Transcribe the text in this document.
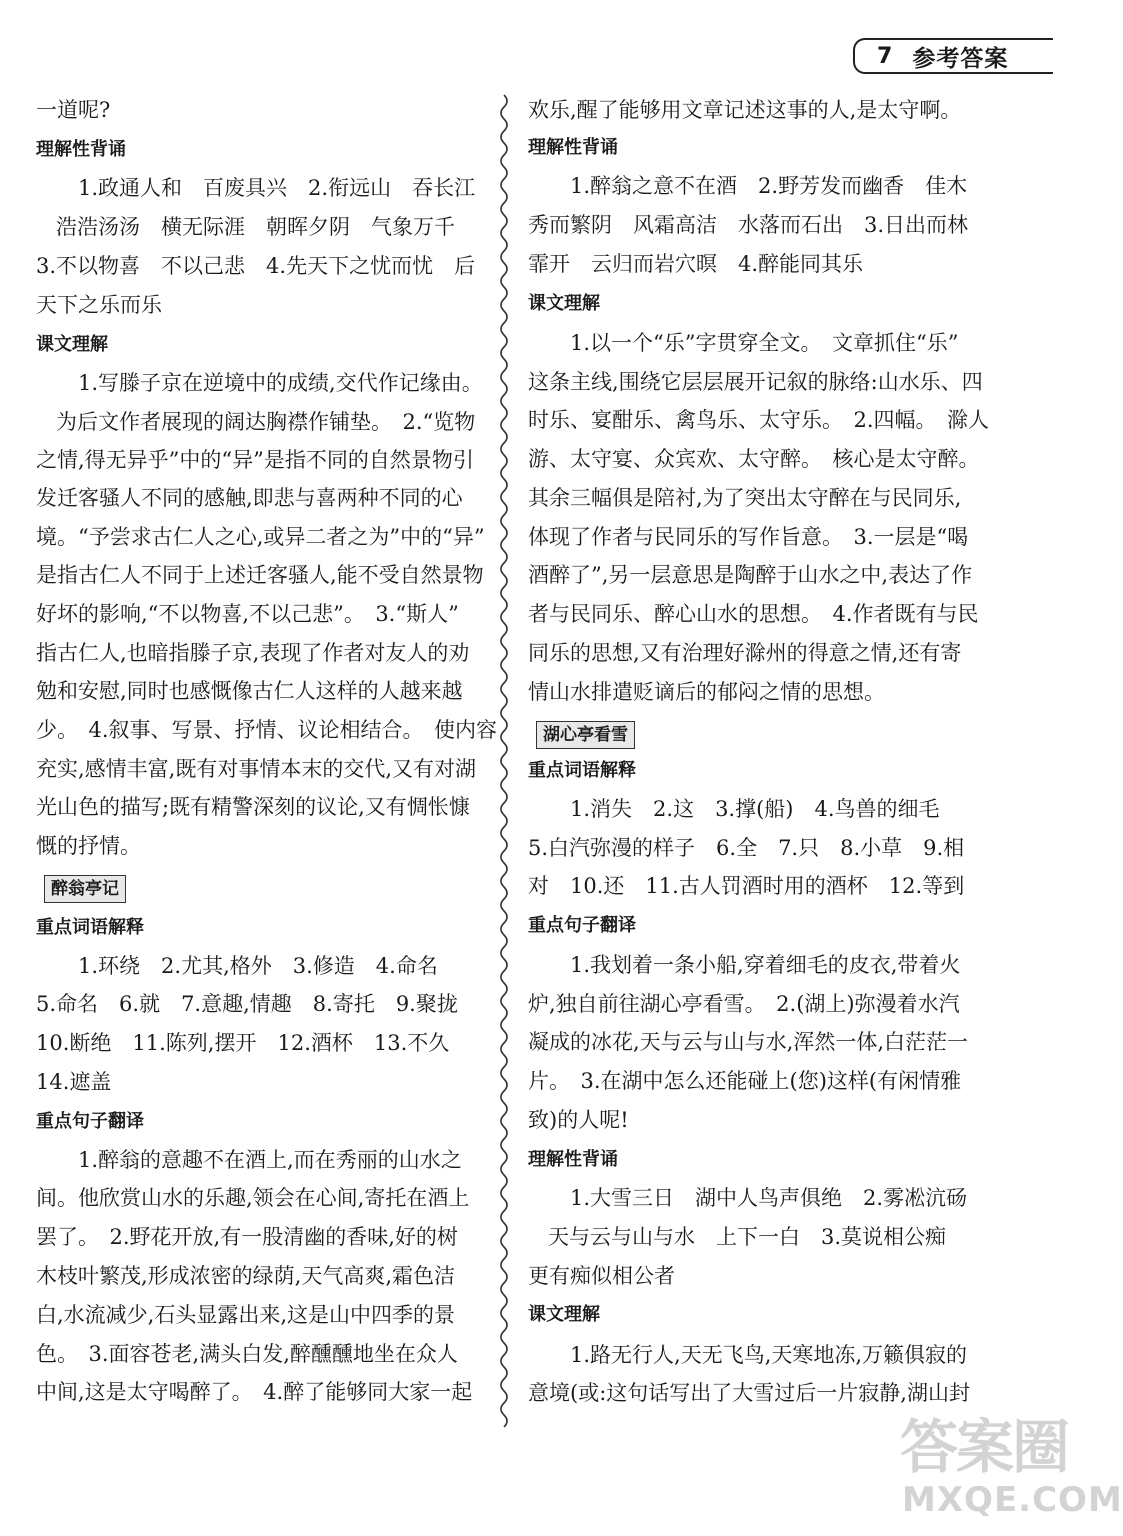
7 参考答案
一道呢?
理解性背诵
1.政通人和　百废具兴　2.衔远山　吞长江
浩浩汤汤　横无际涯　朝晖夕阴　气象万千
3.不以物喜　不以己悲　4.先天下之忧而忧　后
天下之乐而乐
课文理解
1.写滕子京在逆境中的成绩,交代作记缘由。
为后文作者展现的阔达胸襟作铺垫。　2.“览物
之情,得无异乎”中的“异”是指不同的自然景物引
发迁客骚人不同的感触,即悲与喜两种不同的心
境。“予尝求古仁人之心,或异二者之为”中的“异”
是指古仁人不同于上述迁客骚人,能不受自然景物
好坏的影响,“不以物喜,不以己悲”。　3.“斯人”
指古仁人,也暗指滕子京,表现了作者对友人的劝
勉和安慰,同时也感慨像古仁人这样的人越来越
少。　4.叙事、写景、抒情、议论相结合。　使内容
充实,感情丰富,既有对事情本末的交代,又有对湖
光山色的描写;既有精警深刻的议论,又有惆怅慷
慨的抒情。
醉翁亭记
重点词语解释
1.环绕　2.尤其,格外　3.修造　4.命名
5.命名　6.就　7.意趣,情趣　8.寄托　9.聚拢
10.断绝　11.陈列,摆开　12.酒杯　13.不久
14.遮盖
重点句子翻译
1.醉翁的意趣不在酒上,而在秀丽的山水之
间。他欣赏山水的乐趣,领会在心间,寄托在酒上
罢了。　2.野花开放,有一股清幽的香味,好的树
木枝叶繁茂,形成浓密的绿荫,天气高爽,霜色洁
白,水流减少,石头显露出来,这是山中四季的景
色。　3.面容苍老,满头白发,醉醺醺地坐在众人
中间,这是太守喝醉了。　4.醉了能够同大家一起
欢乐,醒了能够用文章记述这事的人,是太守啊。
理解性背诵
1.醉翁之意不在酒　2.野芳发而幽香　佳木
秀而繁阴　风霜高洁　水落而石出　3.日出而林
霏开　云归而岩穴暝　4.醉能同其乐
课文理解
1.以一个“乐”字贯穿全文。　文章抓住“乐”
这条主线,围绕它层层展开记叙的脉络:山水乐、四
时乐、宴酣乐、禽鸟乐、太守乐。　2.四幅。　滁人
游、太守宴、众宾欢、太守醉。　核心是太守醉。
其余三幅俱是陪衬,为了突出太守醉在与民同乐,
体现了作者与民同乐的写作旨意。　3.一层是“喝
酒醉了”,另一层意思是陶醉于山水之中,表达了作
者与民同乐、醉心山水的思想。　4.作者既有与民
同乐的思想,又有治理好滁州的得意之情,还有寄
情山水排遣贬谪后的郁闷之情的思想。
湖心亭看雪
重点词语解释
1.消失　2.这　3.撑(船)　4.鸟兽的细毛
5.白汽弥漫的样子　6.全　7.只　8.小草　9.相
对　10.还　11.古人罚酒时用的酒杯　12.等到
重点句子翻译
1.我划着一条小船,穿着细毛的皮衣,带着火
炉,独自前往湖心亭看雪。　2.(湖上)弥漫着水汽
凝成的冰花,天与云与山与水,浑然一体,白茫茫一
片。　3.在湖中怎么还能碰上(您)这样(有闲情雅
致)的人呢!
理解性背诵
1.大雪三日　湖中人鸟声俱绝　2.雾凇沆砀
天与云与山与水　上下一白　3.莫说相公痴
更有痴似相公者
课文理解
1.路无行人,天无飞鸟,天寒地冻,万籁俱寂的
意境(或:这句话写出了大雪过后一片寂静,湖山封
答案圈
MXQE.COM
